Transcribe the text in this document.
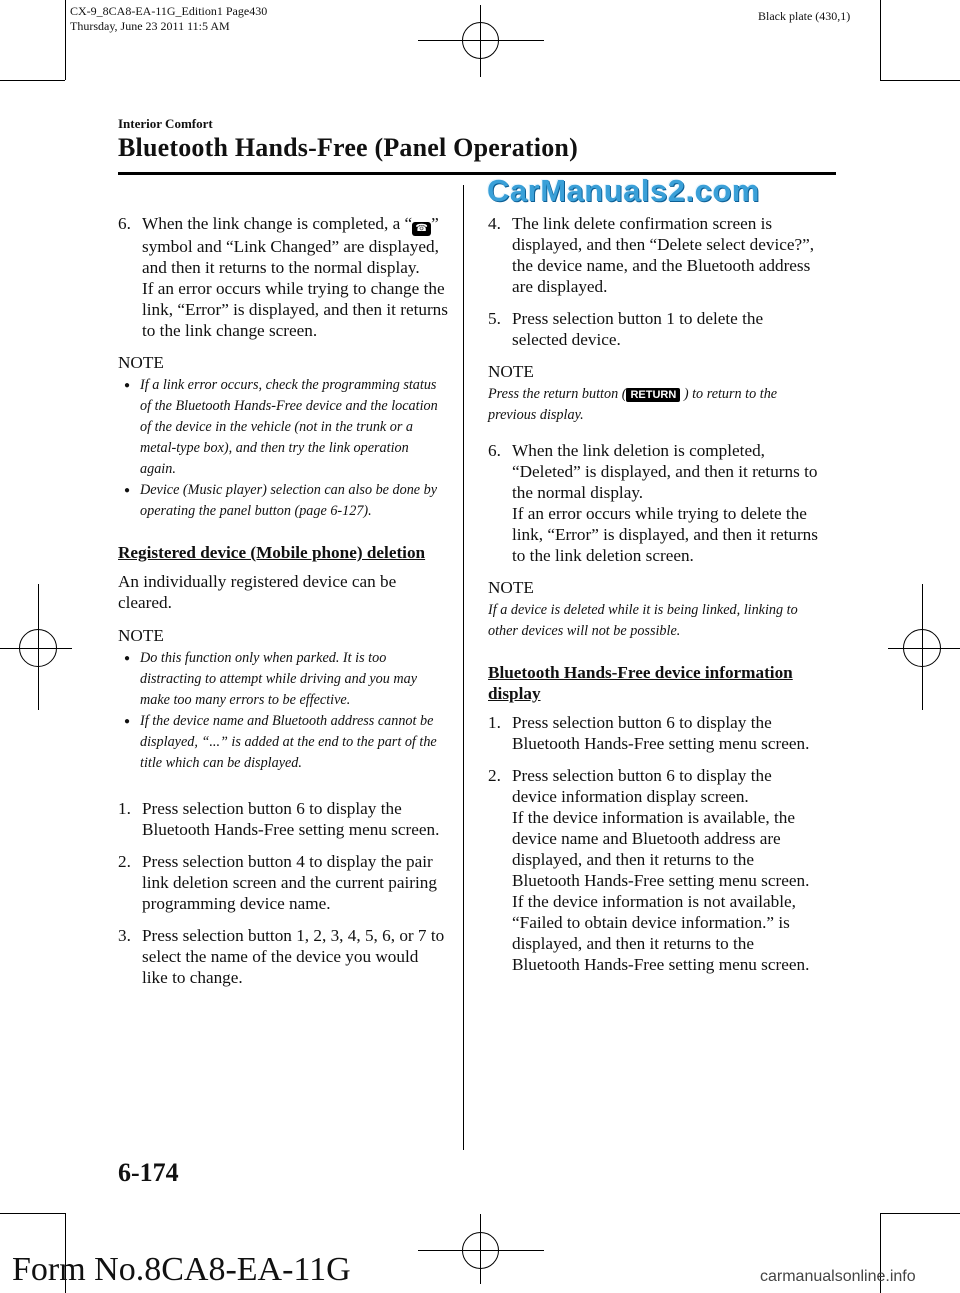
CX-9_8CA8-EA-11G_Edition1 Page430
Thursday, June 23 2011 11:5 AM
Black plate (430,1)
Interior Comfort
Bluetooth Hands-Free (Panel Operation)
CarManuals2.com
6. When the link change is completed, a “ ☎ ” symbol and “Link Changed” are displayed, and then it returns to the normal display.
If an error occurs while trying to change the link, “Error” is displayed, and then it returns to the link change screen.
NOTE
● If a link error occurs, check the programming status of the Bluetooth Hands-Free device and the location of the device in the vehicle (not in the trunk or a metal-type box), and then try the link operation again.
● Device (Music player) selection can also be done by operating the panel button (page 6-127).
Registered device (Mobile phone) deletion
An individually registered device can be cleared.
NOTE
● Do this function only when parked. It is too distracting to attempt while driving and you may make too many errors to be effective.
● If the device name and Bluetooth address cannot be displayed, “...” is added at the end to the part of the title which can be displayed.
1. Press selection button 6 to display the Bluetooth Hands-Free setting menu screen.
2. Press selection button 4 to display the pair link deletion screen and the current pairing programming device name.
3. Press selection button 1, 2, 3, 4, 5, 6, or 7 to select the name of the device you would like to change.
4. The link delete confirmation screen is displayed, and then “Delete select device?”, the device name, and the Bluetooth address are displayed.
5. Press selection button 1 to delete the selected device.
NOTE
Press the return button ( RETURN ) to return to the previous display.
6. When the link deletion is completed, “Deleted” is displayed, and then it returns to the normal display.
If an error occurs while trying to delete the link, “Error” is displayed, and then it returns to the link deletion screen.
NOTE
If a device is deleted while it is being linked, linking to other devices will not be possible.
Bluetooth Hands-Free device information display
1. Press selection button 6 to display the Bluetooth Hands-Free setting menu screen.
2. Press selection button 6 to display the device information display screen.
If the device information is available, the device name and Bluetooth address are displayed, and then it returns to the Bluetooth Hands-Free setting menu screen.
If the device information is not available,
“Failed to obtain device information.” is displayed, and then it returns to the Bluetooth Hands-Free setting menu screen.
6-174
Form No.8CA8-EA-11G	carmanualsonline.info
